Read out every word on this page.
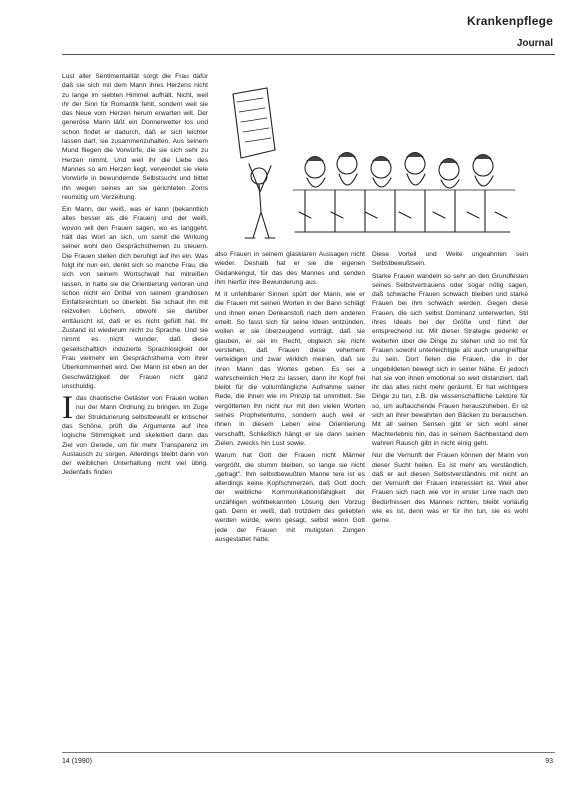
Krankenpflege
Journal

Lust aller Sentimentalität sorgt die Frau dafür daß sie sich mit dem Mann ihres Herzens nicht zu lange im siebten Himmel aufhält. Nicht, weil ihr der Sinn für Romantik fehlt, sondern weil sie das Neue vom Herzen herum erwarten will. Der generöse Mann läßt ein Donnerwetter los und schon findet er dadurch, daß er sich leichter lassen darf, sie zusammenzuhalten. Aus seinem Mund fliegen die Vorwürfe, die sie sich sehr zu Herzen nimmt. Und weil ihr die Liebe des Mannes so am Herzen liegt, verwendet sie viele Vorwürfe in bewundernde Selbstsucht und bittet ihn wegen seines an sie gerichteten Zorns reumütig um Verzeihung.

Ein Mann, der weiß, was er kann (bekanntlich alles besser als die Frauen) und der weiß, wovon will den Frauen sagen, wo es langgeht, hält das Wort an sich, um somit die Wirkung seiner wohl den Gesprächsthemen zu steuern. Die Frauen stellen dich beruhigt auf ihn ein. Was folgt ihr nun ein, denkt sich so manche Frau, die sich von seinem Wortschwall hat mitreißen lassen, in hatte sie die Orientierung verloren und schon nicht ein Drittel von seinem grandiosen Einfallsreichtum so überlebt. Sie schaut ihn mit reizvollen Löchern, obwohl sie darüber enttäuscht ist, daß er es nicht gefüllt hat. Ihr Zustand ist wiederum nicht zu Sprache. Und sie nimmt es nicht wunder, daß diese gesellschaftlich induzierte Sprachlosigkeit der Frau vielmehr ein Gesprächsthema vom ihrer Überkommenheit wird. Der Mann ist eben an der Geschwätzigkeit der Frauen nicht ganz unschuldig.

Idas chaotische Geläster von Frauen wollen nur der Mann Ordnung zu bringen. Im Zuge der Strukturierung selbstbewußt er kritischer das Schöne, prüft die Argumente auf ihre logische Stimmigkeit und skelettiert dann das Ziel von Gerede, um für mehr Transparenz im Austausch zu sorgen. Allerdings bleibt dann von der weiblichen Unterhaltung nicht viel übrig. Jedenfalls finden

also Frauen in seinem glasklaren Aussagen nicht wieder. Deshalb hat er sie die eigenen Gedankengut, für das des Mannes und senden ihm hierfür ihre Bewunderung aus.

M it unfehlbarer Sinnen spürt der Mann, wie er die Frauen mit seinen Worten in der Bann schlägt und ihnen einen Denkanstoß nach dem anderen erteilt. So fasst sich für seine Ideen entzünden, wollen er sie überzeugend vorträgt, daß sie glauben, er sei im Recht, obgleich sie nicht verstehen, daß Frauen diese vehement verteidigen und zwar wirklich meinen, daß sie ihren Mann das Wortes geben. Es sei a wahrscheinlich Herz zu lassen, dann ihr Kopf frei bleibt für die vollumfängliche Aufnahme seiner Rede, die ihnen wie im Prinzip tat ummittelt. Sie vergötterten ihn nicht nur mit den vielen Worten seines Prophetentums, sondern auch weil er ihnen in diesem Leben eine Orientierung verschafft. Schließlich hängt er sie dann seinen Zielen, zwecks hin Lust sowie.

Warum hat Gott der Frauen nicht Männer vergrößt, die stumm bleiben, so lange sie nicht „gefragt". Ihm selbstbewußten Manne tere ist es allerdings keine Kopfschmerzen, daß Gott doch der weibliche Kommunikationsfähigkeit der unzähligen wohlbekannten Lösung den Vorzug gab. Denn er weiß, daß trotzdem des geliebten werden würde, wenn gesagt, selbst wenn Gott jede der Frauen mit mutigsten Zungen ausgestattet hatte.

Diese Vorteil und Weite ungeahnten sein Selbstbewußtsein.

Starke Frauen wandeln so sehr an den Grundfesten seines Selbstvertrauens oder sogar nötig sagen, daß schwache Frauen schwach bleiben und starke Frauen bei ihm schwach werden. Gegen diese Frauen, die sich selbst Dominanz unterwerfen, Stil ihres Ideals bei der Größe und führt der entsprechend ist. Mit dieser Strategie gedenkt er weiterhin über die Dinge zu stehen und so mit für Frauen sowohl unterleichtigte als auch unangreifbar zu sein. Dort fielen die Frauen, die in der ungebildeten bewegt sich in seiner Nähe. Er jedoch hat sie von ihnen emotional so weit distanziert, daß ihr das alles nicht mehr geräumt. Er hat wichtigere Dinge zu tun, z.B. die wissenschaftliche Lektüre für so, um auftauchende Frauen herauszuheben. Er ist sich an ihrer bewahrten den Bäcken zu berauschen. Mit all seinen Sensen gibt er sich wohl einer Machterlebnis hin, das in seinem Sachbestand dem wahren Rausch gibt in nicht einig geht.

Nur die Vernunft der Frauen können der Mann von dieser Sucht heilen. Es ist mehr als verständlich, daß er auf diesen Selbstverständnis mit nicht an der Vernunft der Frauen interessiert ist. Weil aber Frauen sich nach wie vor in erster Linie nach den Bedürfnissen des Mannes richten, bleibt vorläufig wie es ist, denn was er für ihn tun, sie es wohl gerne.

14 (1990)	93
